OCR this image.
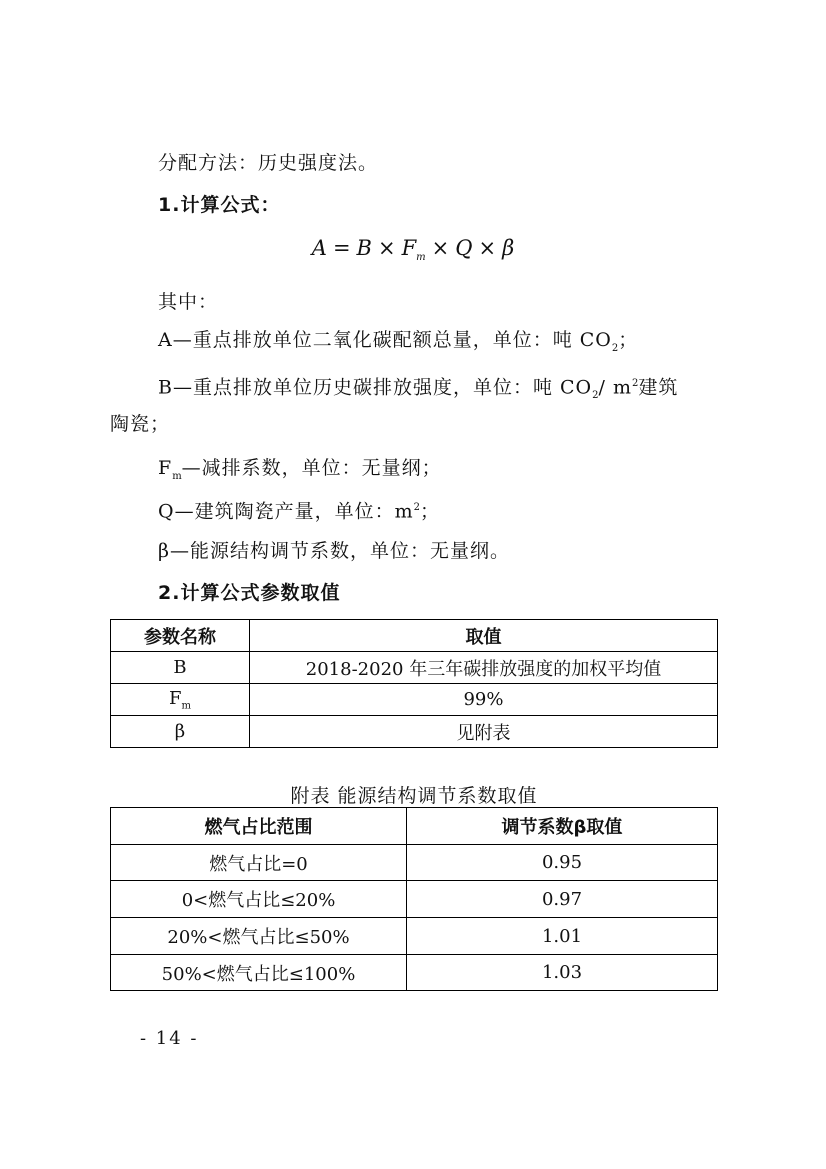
分配方法：历史强度法。
1.计算公式：
$A = B \times F_m \times Q \times \beta$
其中：
A—重点排放单位二氧化碳配额总量，单位：吨 $CO_2$；
B—重点排放单位历史碳排放强度，单位：吨 $CO_2/$ $m^2$建筑
陶瓷；
$F_m—$减排系数，单位：无量纲；
Q—建筑陶瓷产量，单位：$m^2$；
β—能源结构调节系数，单位：无量纲。
2.计算公式参数取值
参数名称	取值
B	2018-2020 年三年碳排放强度的加权平均值
$F_m$	99%
β	见附表
附表 能源结构调节系数取值
燃气占比范围	调节系数β取值
燃气占比=0	0.95
0<燃气占比≤20%	0.97
20%<燃气占比≤50%	1.01
50%<燃气占比≤100%	1.03
- 14 -
